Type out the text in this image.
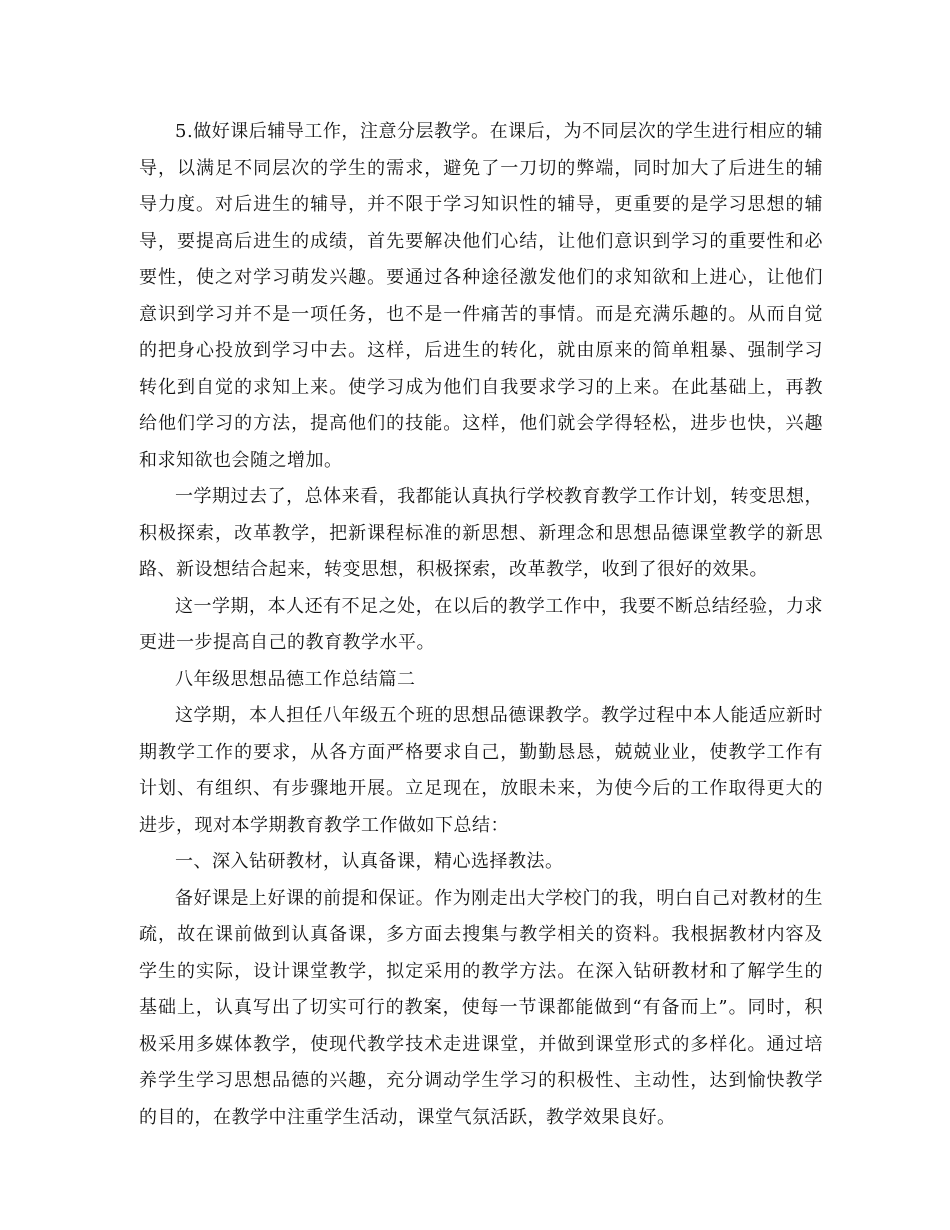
5.做好课后辅导工作，注意分层教学。在课后，为不同层次的学生进行相应的辅导，以满足不同层次的学生的需求，避免了一刀切的弊端，同时加大了后进生的辅导力度。对后进生的辅导，并不限于学习知识性的辅导，更重要的是学习思想的辅导，要提高后进生的成绩，首先要解决他们心结，让他们意识到学习的重要性和必要性，使之对学习萌发兴趣。要通过各种途径激发他们的求知欲和上进心，让他们意识到学习并不是一项任务，也不是一件痛苦的事情。而是充满乐趣的。从而自觉的把身心投放到学习中去。这样，后进生的转化，就由原来的简单粗暴、强制学习转化到自觉的求知上来。使学习成为他们自我要求学习的上来。在此基础上，再教给他们学习的方法，提高他们的技能。这样，他们就会学得轻松，进步也快，兴趣和求知欲也会随之增加。

一学期过去了，总体来看，我都能认真执行学校教育教学工作计划，转变思想，积极探索，改革教学，把新课程标准的新思想、新理念和思想品德课堂教学的新思路、新设想结合起来，转变思想，积极探索，改革教学，收到了很好的效果。

这一学期，本人还有不足之处，在以后的教学工作中，我要不断总结经验，力求更进一步提高自己的教育教学水平。

八年级思想品德工作总结篇二

这学期，本人担任八年级五个班的思想品德课教学。教学过程中本人能适应新时期教学工作的要求，从各方面严格要求自己，勤勤恳恳，兢兢业业，使教学工作有计划、有组织、有步骤地开展。立足现在，放眼未来，为使今后的工作取得更大的进步，现对本学期教育教学工作做如下总结：

一、深入钻研教材，认真备课，精心选择教法。

备好课是上好课的前提和保证。作为刚走出大学校门的我，明白自己对教材的生疏，故在课前做到认真备课，多方面去搜集与教学相关的资料。我根据教材内容及学生的实际，设计课堂教学，拟定采用的教学方法。在深入钻研教材和了解学生的基础上，认真写出了切实可行的教案，使每一节课都能做到“有备而上”。同时，积极采用多媒体教学，使现代教学技术走进课堂，并做到课堂形式的多样化。通过培养学生学习思想品德的兴趣，充分调动学生学习的积极性、主动性，达到愉快教学的目的，在教学中注重学生活动，课堂气氛活跃，教学效果良好。
